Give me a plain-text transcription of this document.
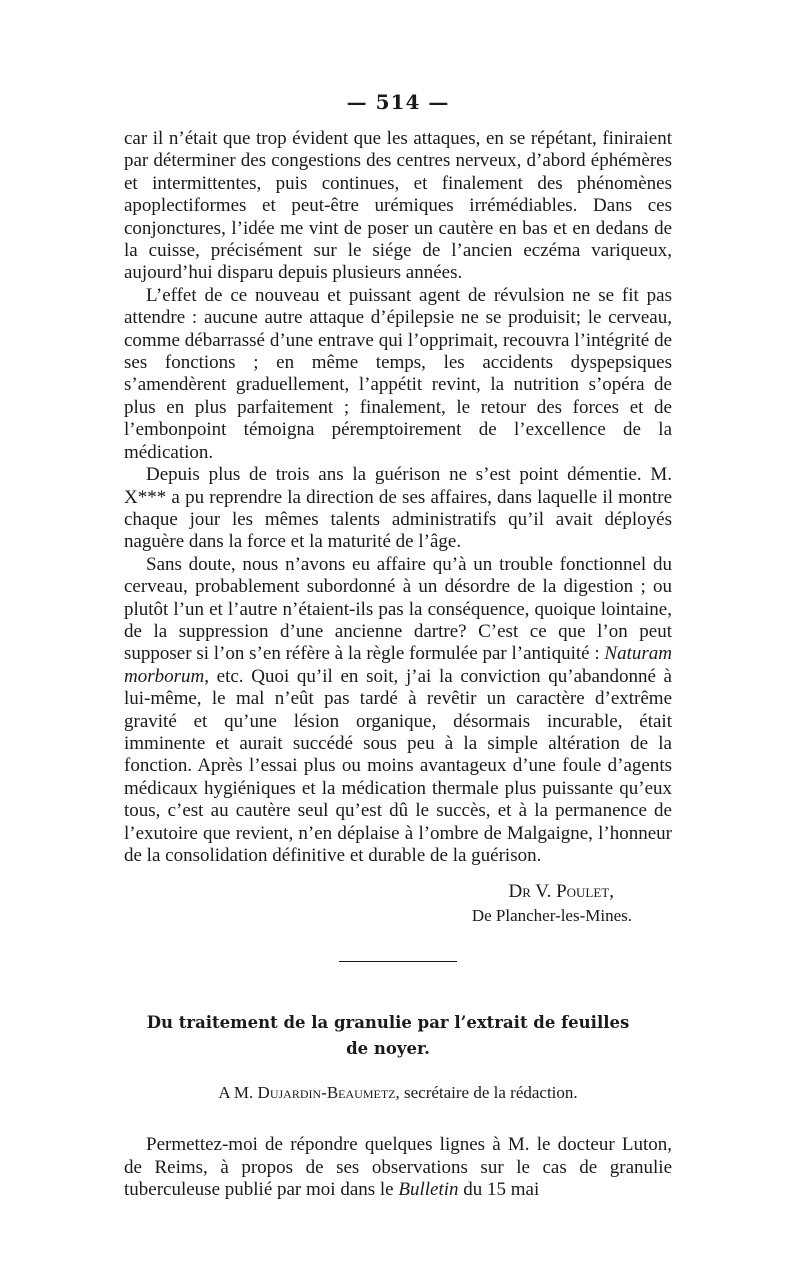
— 514 —

car il n’était que trop évident que les attaques, en se répétant, finiraient par déterminer des congestions des centres nerveux, d’abord éphémères et intermittentes, puis continues, et finalement des phénomènes apoplectiformes et peut-être urémiques irrémédiables. Dans ces conjonctures, l’idée me vint de poser un cautère en bas et en dedans de la cuisse, précisément sur le siége de l’ancien eczéma variqueux, aujourd’hui disparu depuis plusieurs années.

L’effet de ce nouveau et puissant agent de révulsion ne se fit pas attendre : aucune autre attaque d’épilepsie ne se produisit; le cerveau, comme débarrassé d’une entrave qui l’opprimait, recouvra l’intégrité de ses fonctions ; en même temps, les accidents dyspepsiques s’amendèrent graduellement, l’appétit revint, la nutrition s’opéra de plus en plus parfaitement ; finalement, le retour des forces et de l’embonpoint témoigna péremptoirement de l’excellence de la médication.

Depuis plus de trois ans la guérison ne s’est point démentie. M. X*** a pu reprendre la direction de ses affaires, dans laquelle il montre chaque jour les mêmes talents administratifs qu’il avait déployés naguère dans la force et la maturité de l’âge.

Sans doute, nous n’avons eu affaire qu’à un trouble fonctionnel du cerveau, probablement subordonné à un désordre de la digestion ; ou plutôt l’un et l’autre n’étaient-ils pas la conséquence, quoique lointaine, de la suppression d’une ancienne dartre? C’est ce que l’on peut supposer si l’on s’en réfère à la règle formulée par l’antiquité : Naturam morborum, etc. Quoi qu’il en soit, j’ai la conviction qu’abandonné à lui-même, le mal n’eût pas tardé à revêtir un caractère d’extrême gravité et qu’une lésion organique, désormais incurable, était imminente et aurait succédé sous peu à la simple altération de la fonction. Après l’essai plus ou moins avantageux d’une foule d’agents médicaux hygiéniques et la médication thermale plus puissante qu’eux tous, c’est au cautère seul qu’est dû le succès, et à la permanence de l’exutoire que revient, n’en déplaise à l’ombre de Malgaigne, l’honneur de la consolidation définitive et durable de la guérison.

Dr V. Poulet,
De Plancher-les-Mines.
Du traitement de la granulie par l’extrait de feuilles
de noyer.
A M. Dujardin-Beaumetz, secrétaire de la rédaction.

Permettez-moi de répondre quelques lignes à M. le docteur Luton, de Reims, à propos de ses observations sur le cas de granulie tuberculeuse publié par moi dans le Bulletin du 15 mai
